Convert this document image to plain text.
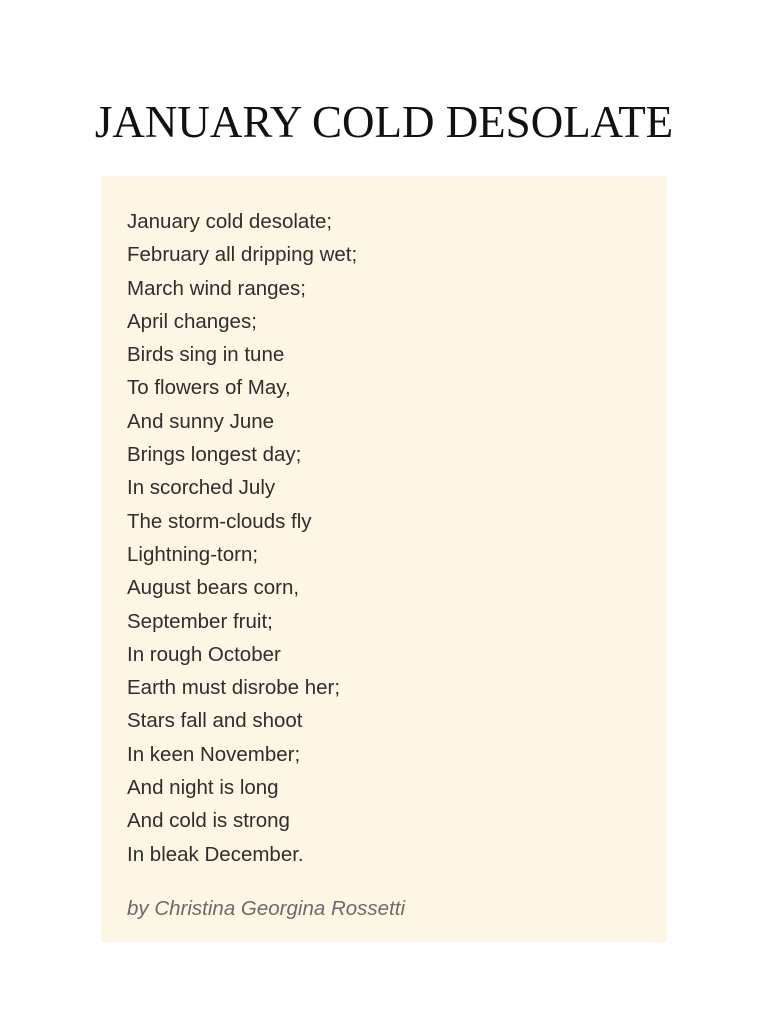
JANUARY COLD DESOLATE
January cold desolate;
February all dripping wet;
March wind ranges;
April changes;
Birds sing in tune
To flowers of May,
And sunny June
Brings longest day;
In scorched July
The storm-clouds fly
Lightning-torn;
August bears corn,
September fruit;
In rough October
Earth must disrobe her;
Stars fall and shoot
In keen November;
And night is long
And cold is strong
In bleak December.
by Christina Georgina Rossetti
